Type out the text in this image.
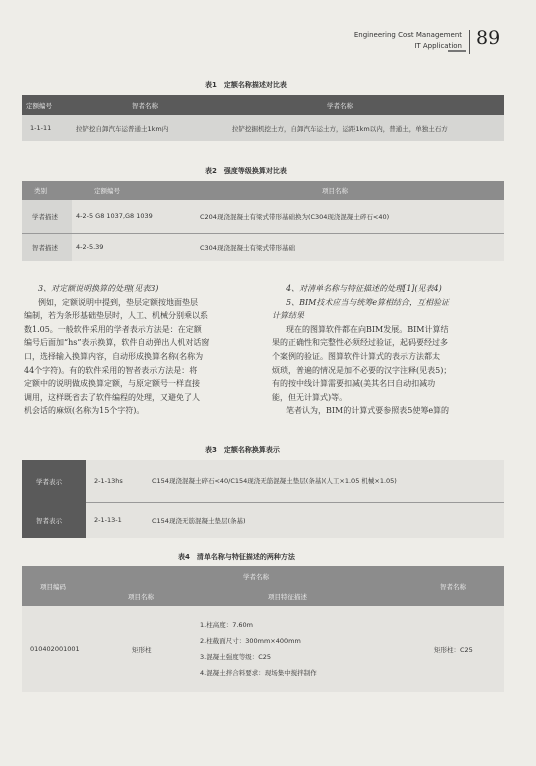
Engineering Cost Management
IT Application 89
表1　定额名称描述对比表
定额编号	智者名称	学者名称
1-1-11	拉铲挖自卸汽车运普通土1km内	拉铲挖掘机挖土方，自卸汽车运土方，运距1km以内，普通土，单独土石方
表2　强度等级换算对比表
类别	定额编号	项目名称
学者描述	4-2-5 G8 1037,G8 1039	C204现浇混凝土有梁式带形基础换为(C304现浇混凝土碎石<40)
智者描述	4-2-5.39	C304现浇混凝土有梁式带形基础

3、对定额说明换算的处理(见表3)

例如，定额说明中提到，垫层定额按地面垫层

编制，若为条形基础垫层时，人工、机械分别乘以系

数1.05。一般软件采用的学者表示方法是：在定额

编号后面加“hs”表示换算，软件自动弹出人机对话窗

口，选择输入换算内容，自动形成换算名称(名称为

44个字符)。有的软件采用的智者表示方法是：将

定额中的说明做成换算定额，与原定额号一样直接

调用，这样既省去了软件编程的处理，又避免了人

机会话的麻烦(名称为15个字符)。

4、对清单名称与特征描述的处理[1](见表4)

5、BIM技术应当与统筹e算相结合，互相验证

计算结果

现在的图算软件都在向BIM发展。BIM计算结

果的正确性和完整性必须经过验证，起码要经过多

个案例的验证。图算软件计算式的表示方法都太

烦琐，普遍的情况是加不必要的汉字注释(见表5)；

有的按中线计算需要扣减(美其名曰自动扣减功

能，但无计算式)等。

笔者认为，BIM的计算式要参照表5使筹e算的

表3　定额名称换算表示
学者表示	2-1-13hs	C154现浇混凝土碎石<40/C154现浇无筋混凝土垫层(条基)(人工×1.05 机械×1.05)
智者表示	2-1-13-1	C154现浇无筋混凝土垫层(条基)
表4　清单名称与特征描述的两种方法
项目编码	学者名称		智者名称
	项目名称	项目特征描述	
010402001001	矩形柱	1.柱高度：7.60m
2.柱截面尺寸：300mm×400mm
3.混凝土强度等级：C25
4.混凝土拌合料要求：现场集中搅拌制作	矩形柱：C25
